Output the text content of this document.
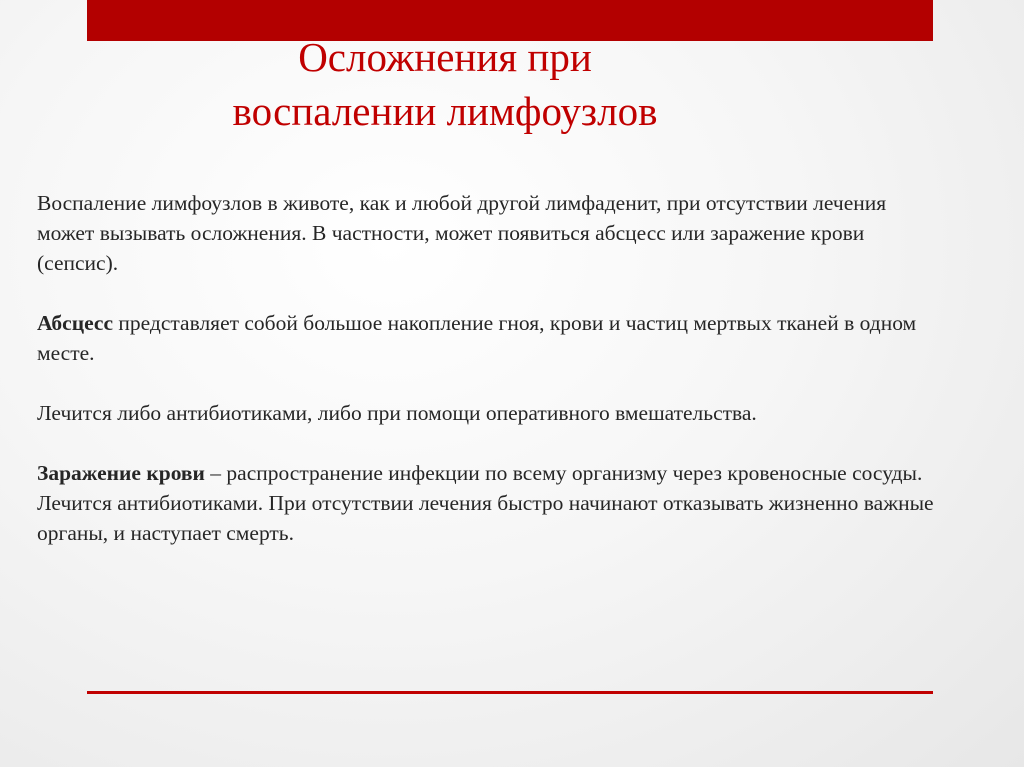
Осложнения при
воспалении лимфоузлов

Воспаление лимфоузлов в животе, как и любой другой лимфаденит, при отсутствии лечения может вызывать осложнения. В частности, может появиться абсцесс или заражение крови (сепсис).

Абсцесс представляет собой большое накопление гноя, крови и частиц мертвых тканей в одном месте.

Лечится либо антибиотиками, либо при помощи оперативного вмешательства.

Заражение крови – распространение инфекции по всему организму через кровеносные сосуды. Лечится антибиотиками. При отсутствии лечения быстро начинают отказывать жизненно важные органы, и наступает смерть.
